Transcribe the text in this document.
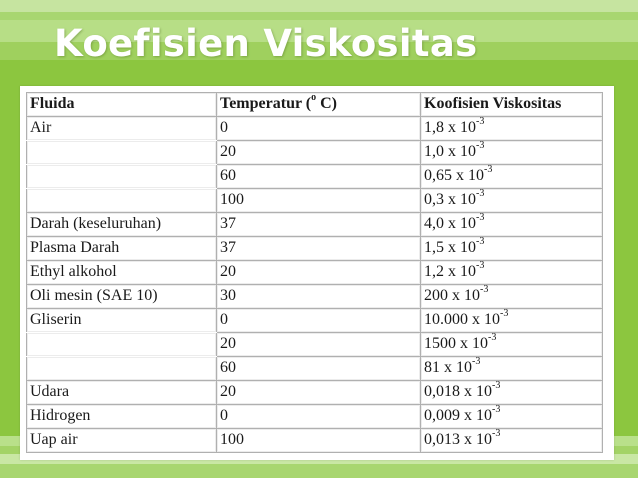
Koefisien Viskositas
Fluida	Temperatur ($^o$ C)	Koofisien Viskositas
Air	0	1,8 x $10^{-3}$
	20	1,0 x $10^{-3}$
	60	0,65 x $10^{-3}$
	100	0,3 x $10^{-3}$
Darah (keseluruhan)	37	4,0 x $10^{-3}$
Plasma Darah	37	1,5 x $10^{-3}$
Ethyl alkohol	20	1,2 x $10^{-3}$
Oli mesin (SAE 10)	30	200 x $10^{-3}$
Gliserin	0	10.000 x $10^{-3}$
	20	1500 x $10^{-3}$
	60	81 x $10^{-3}$
Udara	20	0,018 x $10^{-3}$
Hidrogen	0	0,009 x $10^{-3}$
Uap air	100	0,013 x $10^{-3}$
